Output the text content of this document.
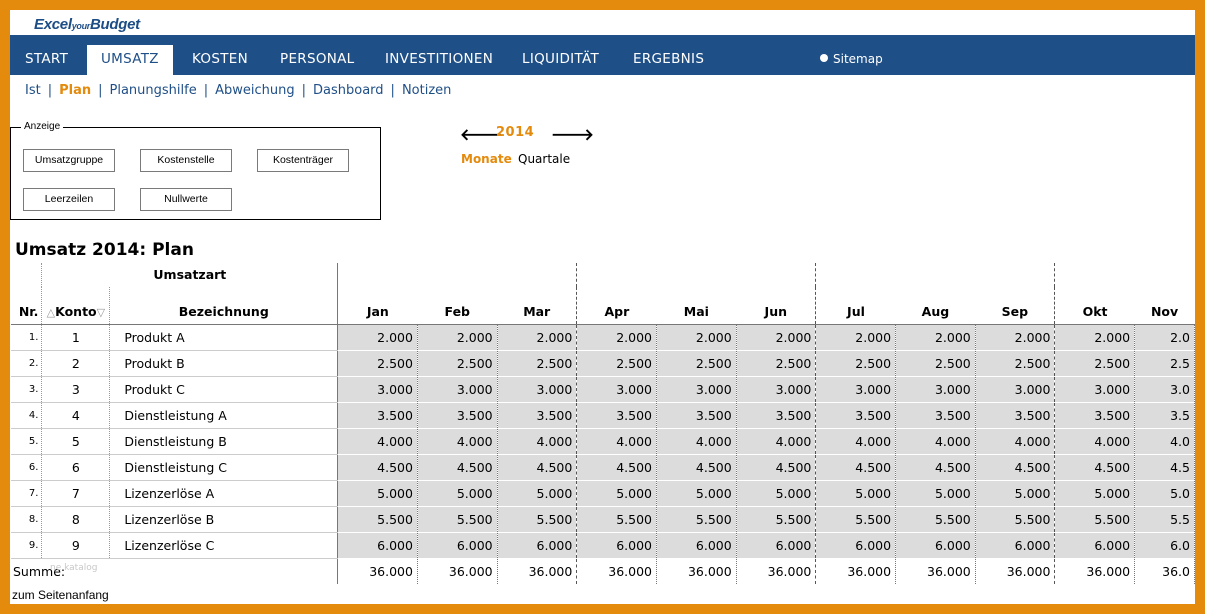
ExcelyourBudget
START	UMSATZ	KOSTEN PERSONAL INVESTITIONEN LIQUIDITÄT	ERGEBNIS	Sitemap
Ist | Plan | Planungshilfe | Abweichung | Dashboard | Notizen
Anzeige
Umsatzgruppe	Kostenstelle	Kostenträger
Leerzeilen	Nullwerte
🡐
2014 🡒
Monate Quartale
Umsatz 2014: Plan
	Umsatzart												
Nr.	△Konto▽	Bezeichnung	Jan	Feb	Mar	Apr	Mai	Jun	Jul	Aug	Sep	Okt	Nov
1.	1	Produkt A	2.000	2.000	2.000	2.000	2.000	2.000	2.000	2.000	2.000	2.000	2.0
2.	2	Produkt B	2.500	2.500	2.500	2.500	2.500	2.500	2.500	2.500	2.500	2.500	2.5
3.	3	Produkt C	3.000	3.000	3.000	3.000	3.000	3.000	3.000	3.000	3.000	3.000	3.0
4.	4	Dienstleistung A	3.500	3.500	3.500	3.500	3.500	3.500	3.500	3.500	3.500	3.500	3.5
5.	5	Dienstleistung B	4.000	4.000	4.000	4.000	4.000	4.000	4.000	4.000	4.000	4.000	4.0
6.	6	Dienstleistung C	4.500	4.500	4.500	4.500	4.500	4.500	4.500	4.500	4.500	4.500	4.5
7.	7	Lizenzerlöse A	5.000	5.000	5.000	5.000	5.000	5.000	5.000	5.000	5.000	5.000	5.0
8.	8	Lizenzerlöse B	5.500	5.500	5.500	5.500	5.500	5.500	5.500	5.500	5.500	5.500	5.5
9.	9	Lizenzerlöse C	6.000	6.000	6.000	6.000	6.000	6.000	6.000	6.000	6.000	6.000	6.0
Summe:			36.000	36.000	36.000	36.000	36.000	36.000	36.000	36.000	36.000	36.000	36.0
ne katalog
zum Seitenanfang
